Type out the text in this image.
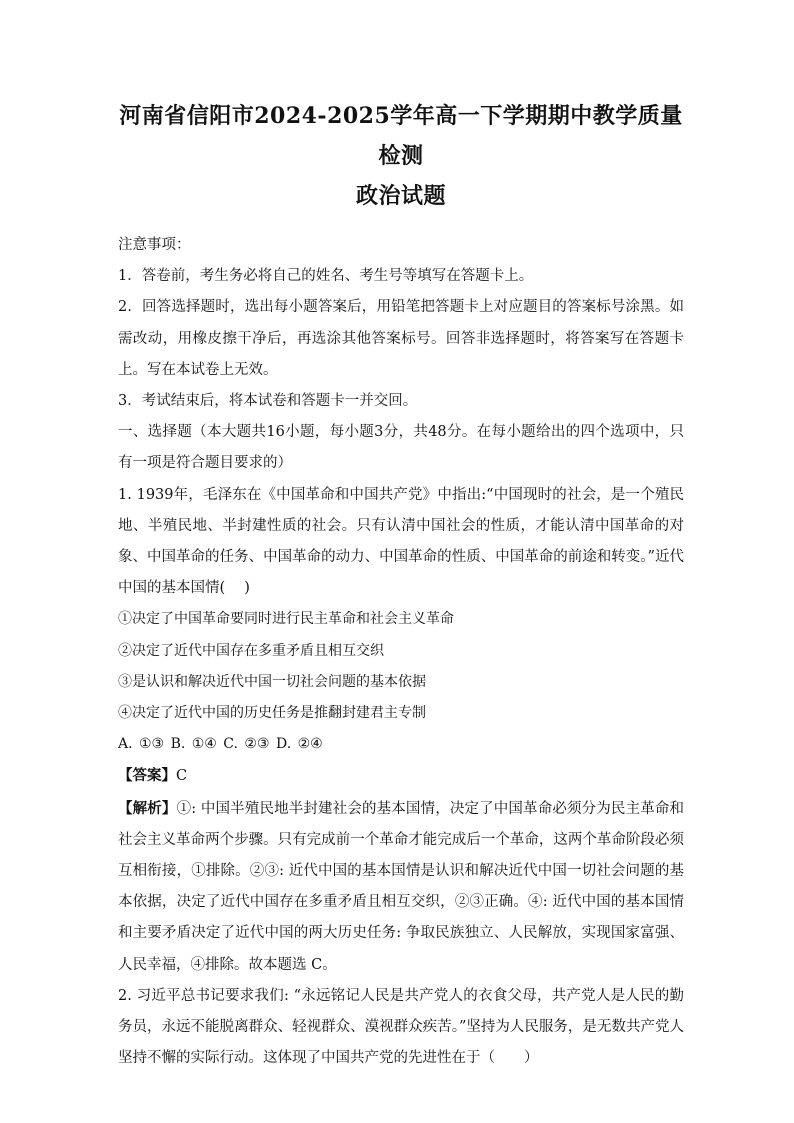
河南省信阳市2024-2025学年高一下学期期中教学质量检测

政治试题

注意事项：

1．答卷前，考生务必将自己的姓名、考生号等填写在答题卡上。

2．回答选择题时，选出每小题答案后，用铅笔把答题卡上对应题目的答案标号涂黑。如需改动，用橡皮擦干净后，再选涂其他答案标号。回答非选择题时，将答案写在答题卡上。写在本试卷上无效。

3．考试结束后，将本试卷和答题卡一并交回。

一、选择题（本大题共16小题，每小题3分，共48分。在每小题给出的四个选项中，只有一项是符合题目要求的）

1. 1939年，毛泽东在《中国革命和中国共产党》中指出:“中国现时的社会，是一个殖民地、半殖民地、半封建性质的社会。只有认清中国社会的性质，才能认清中国革命的对象、中国革命的任务、中国革命的动力、中国革命的性质、中国革命的前途和转变。”近代中国的基本国情(　 )

①决定了中国革命要同时进行民主革命和社会主义革命

②决定了近代中国存在多重矛盾且相互交织

③是认识和解决近代中国一切社会问题的基本依据

④决定了近代中国的历史任务是推翻封建君主专制

A. ①③ B. ①④ C. ②③ D. ②④

【答案】C

【解析】①: 中国半殖民地半封建社会的基本国情，决定了中国革命必须分为民主革命和社会主义革命两个步骤。只有完成前一个革命才能完成后一个革命，这两个革命阶段必须互相衔接，①排除。②③: 近代中国的基本国情是认识和解决近代中国一切社会问题的基本依据，决定了近代中国存在多重矛盾且相互交织，②③正确。④: 近代中国的基本国情和主要矛盾决定了近代中国的两大历史任务: 争取民族独立、人民解放，实现国家富强、人民幸福，④排除。故本题选 C。

2. 习近平总书记要求我们: “永远铭记人民是共产党人的衣食父母，共产党人是人民的勤务员，永远不能脱离群众、轻视群众、漠视群众疾苦。”坚持为人民服务，是无数共产党人坚持不懈的实际行动。这体现了中国共产党的先进性在于（　　）
